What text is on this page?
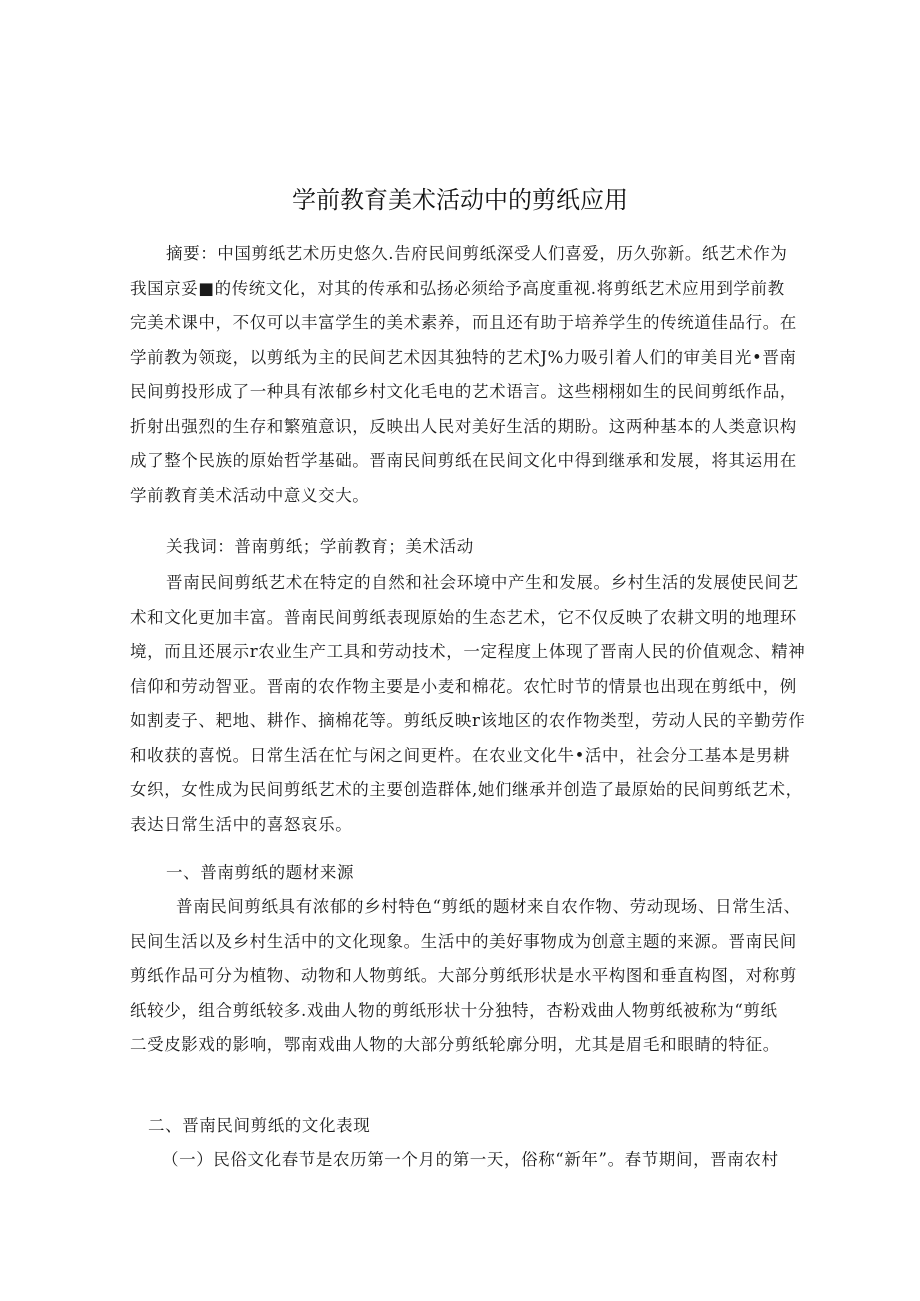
学前教育美术活动中的剪纸应用
摘要：中国剪纸艺术历史悠久.告府民间剪纸深受人们喜爱，历久弥新。纸艺术作为
我国京妥■的传统文化，对其的传承和弘扬必须给予高度重视.将剪纸艺术应用到学前教
完美术课中，不仅可以丰富学生的美术素养，而且还有助于培养学生的传统道佳品行。在
学前教为领珳，以剪纸为主的民间艺术因其独特的艺术J%力吸引着人们的审美目光•晋南
民间剪投形成了一种具有浓郁乡村文化毛电的艺术语言。这些栩栩如生的民间剪纸作品，
折射出强烈的生存和繁殖意识，反映出人民对美好生活的期盼。这两种基本的人类意识构
成了整个民族的原始哲学基础。晋南民间剪纸在民间文化中得到继承和发展，将其运用在
学前教育美术活动中意义交大。
关我词：普南剪纸；学前教育；美术活动
晋南民间剪纸艺术在特定的自然和社会环境中产生和发展。乡村生活的发展使民间艺
术和文化更加丰富。普南民间剪纸表现原始的生态艺术，它不仅反映了农耕文明的地理环
境，而且还展示r农业生产工具和劳动技术，一定程度上体现了晋南人民的价值观念、精神
信仰和劳动智亚。晋南的农作物主要是小麦和棉花。农忙时节的情景也出现在剪纸中，例
如割麦子、耙地、耕作、摘棉花等。剪纸反映r该地区的农作物类型，劳动人民的辛勤劳作
和收获的喜悦。日常生活在忙与闲之间更杵。在农业文化牛•活中，社会分工基本是男耕
女织，女性成为民间剪纸艺术的主要创造群体,她们继承并创造了最原始的民间剪纸艺术，
表达日常生活中的喜怒哀乐。
一、普南剪纸的题材来源
普南民间剪纸具有浓郁的乡村特色“剪纸的题材来自农作物、劳动现场、日常生活、
民间生活以及乡村生活中的文化现象。生活中的美好事物成为创意主题的来源。晋南民间
剪纸作品可分为植物、动物和人物剪纸。大部分剪纸形状是水平构图和垂直构图，对称剪
纸较少，组合剪纸较多.戏曲人物的剪纸形状十分独特，杏粉戏曲人物剪纸被称为“剪纸
二受皮影戏的影响，鄂南戏曲人物的大部分剪纸轮廓分明，尤其是眉毛和眼睛的特征。
二、晋南民间剪纸的文化表现
（一）民俗文化春节是农历第一个月的第一天，俗称“新年”。春节期间，晋南农村
